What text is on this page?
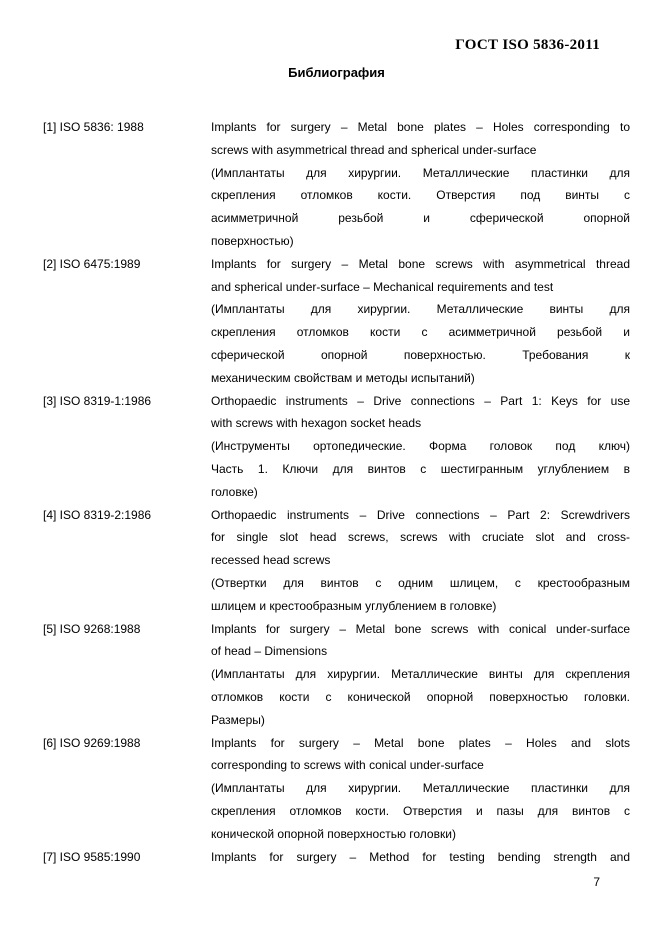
ГОСТ ISO 5836-2011
Библиография
[1] ISO 5836: 1988	Implants for surgery – Metal bone plates – Holes corresponding to
screws with asymmetrical thread and spherical under-surface
(Имплантаты для хирургии. Металлические пластинки для
скрепления отломков кости. Отверстия под винты с
асимметричной резьбой и сферической опорной
поверхностью)
[2] ISO 6475:1989	Implants for surgery – Metal bone screws with asymmetrical thread
and spherical under-surface – Mechanical requirements and test
(Имплантаты для хирургии. Металлические винты для
скрепления отломков кости с асимметричной резьбой и
сферической опорной поверхностью. Требования к
механическим свойствам и методы испытаний)
[3] ISO 8319-1:1986	Orthopaedic instruments – Drive connections – Part 1: Keys for use
with screws with hexagon socket heads
(Инструменты ортопедические. Форма головок под ключ)
Часть 1. Ключи для винтов с шестигранным углублением в
головке)
[4] ISO 8319-2:1986	Orthopaedic instruments – Drive connections – Part 2: Screwdrivers
for single slot head screws, screws with cruciate slot and cross-
recessed head screws
(Отвертки для винтов с одним шлицем, с крестообразным
шлицем и крестообразным углублением в головке)
[5] ISO 9268:1988	Implants for surgery – Metal bone screws with conical under-surface
of head – Dimensions
(Имплантаты для хирургии. Металлические винты для скрепления
отломков кости с конической опорной поверхностью головки.
Размеры)
[6] ISO 9269:1988	Implants for surgery – Metal bone plates – Holes and slots
corresponding to screws with conical under-surface
(Имплантаты для хирургии. Металлические пластинки для
скрепления отломков кости. Отверстия и пазы для винтов с
конической опорной поверхностью головки)
[7] ISO 9585:1990	Implants for surgery – Method for testing bending strength and
7
